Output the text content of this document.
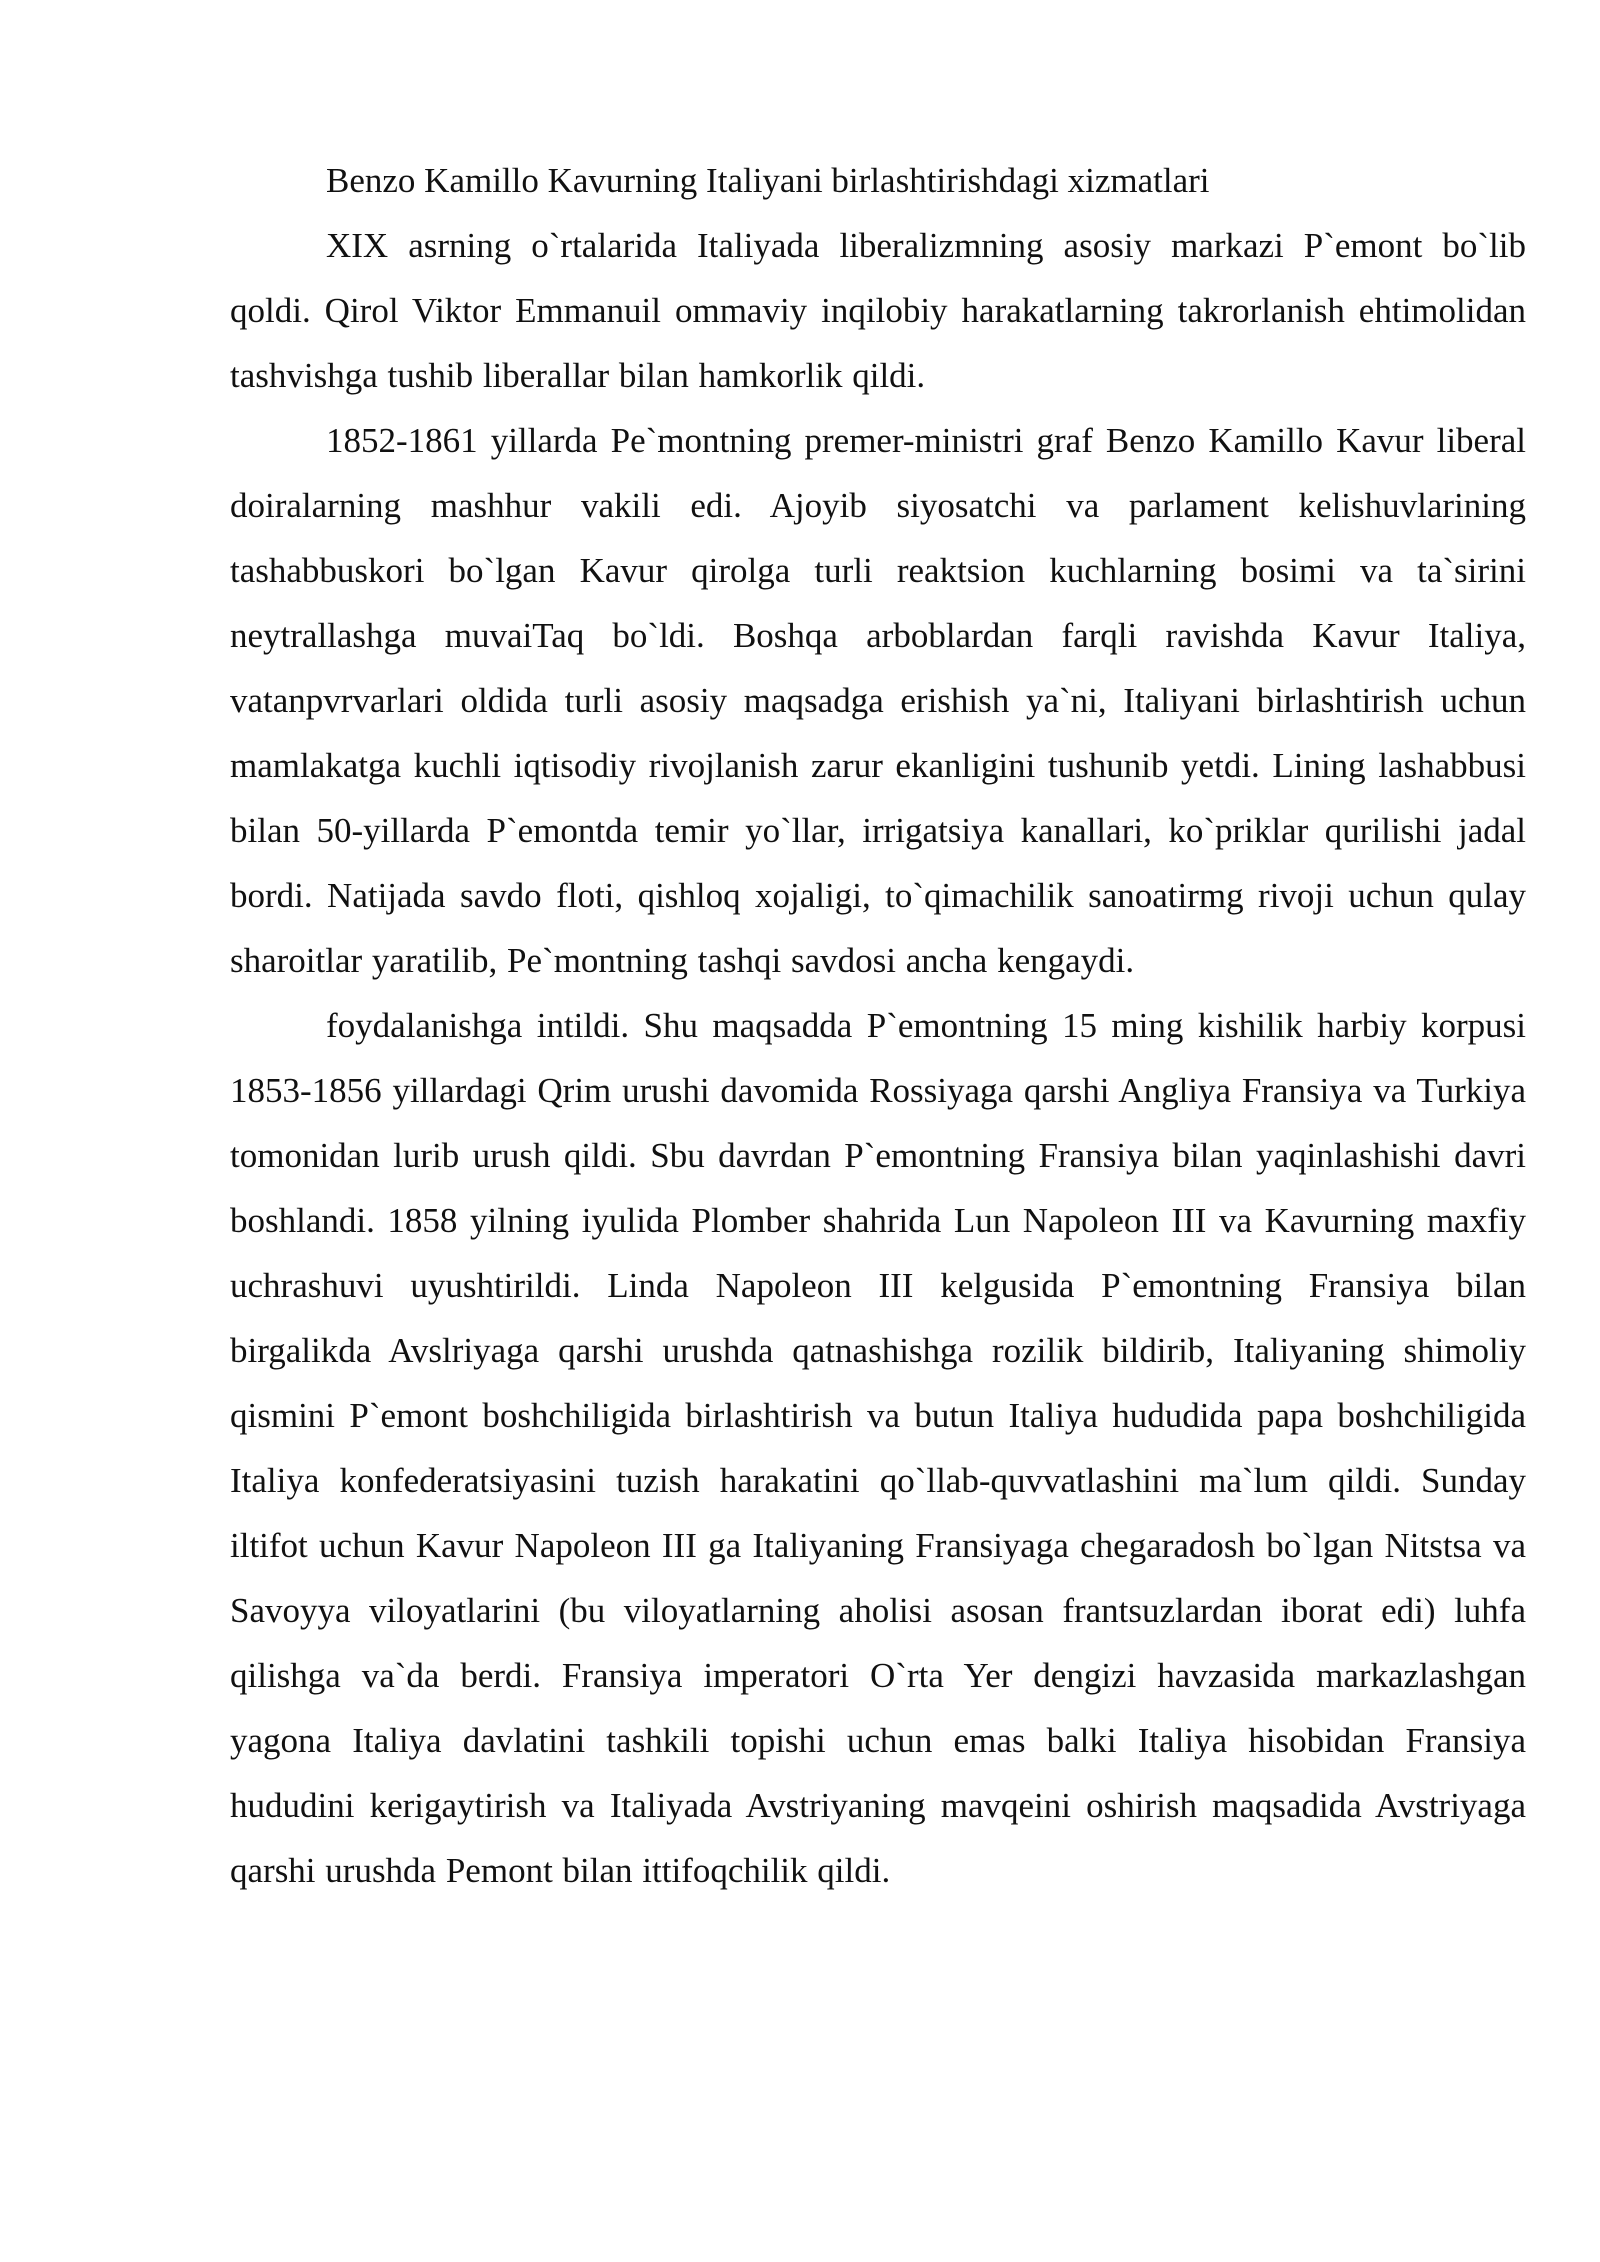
Benzo Kamillo Kavurning Italiyani birlashtirishdagi xizmatlari

XIX asrning o`rtalarida Italiyada liberalizmning asosiy markazi P`emont bo`lib qoldi. Qirol Viktor Emmanuil ommaviy inqilobiy harakatlarning takrorlanish ehtimolidan tashvishga tushib liberallar bilan hamkorlik qildi.

1852-1861 yillarda Pe`montning premer-ministri graf Benzo Kamillo Kavur liberal doiralarning mashhur vakili edi. Ajoyib siyosatchi va parlament kelishuvlarining tashabbuskori bo`lgan Kavur qirolga turli reaktsion kuchlarning bosimi va ta`sirini neytrallashga muvaiTaq bo`ldi. Boshqa arboblardan farqli ravishda Kavur Italiya, vatanpvrvarlari oldida turli asosiy maqsadga erishish ya`ni, Italiyani birlashtirish uchun mamlakatga kuchli iqtisodiy rivojlanish zarur ekanligini tushunib yetdi. Lining lashabbusi bilan 50-yillarda P`emontda temir yo`llar, irrigatsiya kanallari, ko`priklar qurilishi jadal bordi. Natijada savdo floti, qishloq xojaligi, to`qimachilik sanoatirmg rivoji uchun qulay sharoitlar yaratilib, Pe`montning tashqi savdosi ancha kengaydi.

foydalanishga intildi. Shu maqsadda P`emontning 15 ming kishilik harbiy korpusi 1853-1856 yillardagi Qrim urushi davomida Rossiyaga qarshi Angliya Fransiya va Turkiya tomonidan lurib urush qildi. Sbu davrdan P`emontning Fransiya bilan yaqinlashishi davri boshlandi. 1858 yilning iyulida Plomber shahrida Lun Napoleon III va Kavurning maxfiy uchrashuvi uyushtirildi. Linda Napoleon III kelgusida P`emontning Fransiya bilan birgalikda Avslriyaga qarshi urushda qatnashishga rozilik bildirib, Italiyaning shimoliy qismini P`emont boshchiligida birlashtirish va butun Italiya hududida papa boshchiligida Italiya konfederatsiyasini tuzish harakatini qo`llab-quvvatlashini ma`lum qildi. Sunday iltifot uchun Kavur Napoleon III ga Italiyaning Fransiyaga chegaradosh bo`lgan Nitstsa va Savoyya viloyatlarini (bu viloyatlarning aholisi asosan frantsuzlardan iborat edi) luhfa qilishga va`da berdi. Fransiya imperatori O`rta Yer dengizi havzasida markazlashgan yagona Italiya davlatini tashkili topishi uchun emas balki Italiya hisobidan Fransiya hududini kerigaytirish va Italiyada Avstriyaning mavqeini oshirish maqsadida Avstriyaga qarshi urushda Pemont bilan ittifoqchilik qildi.
